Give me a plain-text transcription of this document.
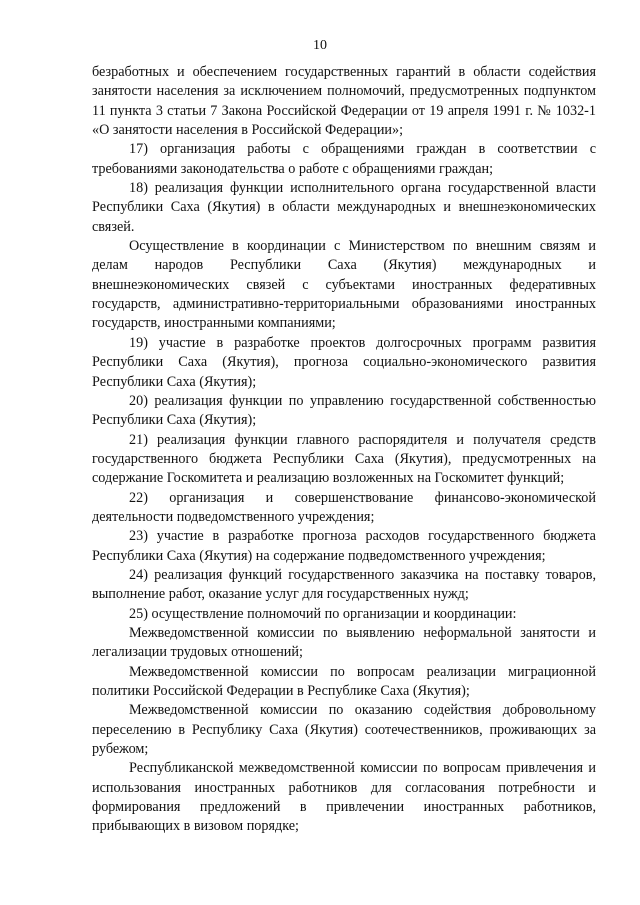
10

безработных и обеспечением государственных гарантий в области содействия занятости населения за исключением полномочий, предусмотренных подпунктом 11 пункта 3 статьи 7 Закона Российской Федерации от 19 апреля 1991 г. № 1032-1 «О занятости населения в Российской Федерации»;

17) организация работы с обращениями граждан в соответствии с требованиями законодательства о работе с обращениями граждан;

18) реализация функции исполнительного органа государственной власти Республики Саха (Якутия) в области международных и внешнеэкономических связей.

Осуществление в координации с Министерством по внешним связям и делам народов Республики Саха (Якутия) международных и внешнеэкономических связей с субъектами иностранных федеративных государств, административно-территориальными образованиями иностранных государств, иностранными компаниями;

19) участие в разработке проектов долгосрочных программ развития Республики Саха (Якутия), прогноза социально-экономического развития Республики Саха (Якутия);

20) реализация функции по управлению государственной собственностью Республики Саха (Якутия);

21) реализация функции главного распорядителя и получателя средств государственного бюджета Республики Саха (Якутия), предусмотренных на содержание Госкомитета и реализацию возложенных на Госкомитет функций;

22) организация и совершенствование финансово-экономической деятельности подведомственного учреждения;

23) участие в разработке прогноза расходов государственного бюджета Республики Саха (Якутия) на содержание подведомственного учреждения;

24) реализация функций государственного заказчика на поставку товаров, выполнение работ, оказание услуг для государственных нужд;

25) осуществление полномочий по организации и координации:

Межведомственной комиссии по выявлению неформальной занятости и легализации трудовых отношений;

Межведомственной комиссии по вопросам реализации миграционной политики Российской Федерации в Республике Саха (Якутия);

Межведомственной комиссии по оказанию содействия добровольному переселению в Республику Саха (Якутия) соотечественников, проживающих за рубежом;

Республиканской межведомственной комиссии по вопросам привлечения и использования иностранных работников для согласования потребности и формирования предложений в привлечении иностранных работников, прибывающих в визовом порядке;
